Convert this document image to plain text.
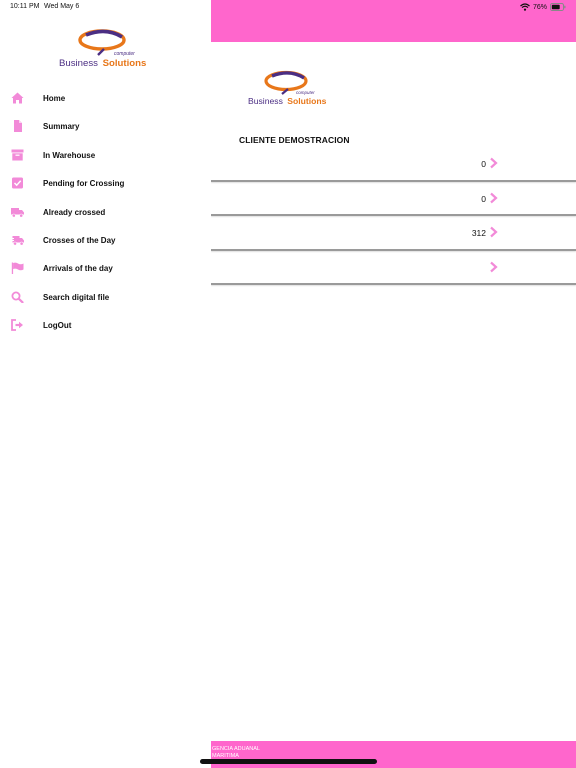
computer
Business Solutions
CLIENTE DEMOSTRACION
0
0
312
GENCIA ADUANAL
MARITIMA
10:11 PM Wed May 6	76%
computer
Business Solutions
Home
Summary
In Warehouse
Pending for Crossing
Already crossed
Crosses of the Day
Arrivals of the day
Search digital file
LogOut
